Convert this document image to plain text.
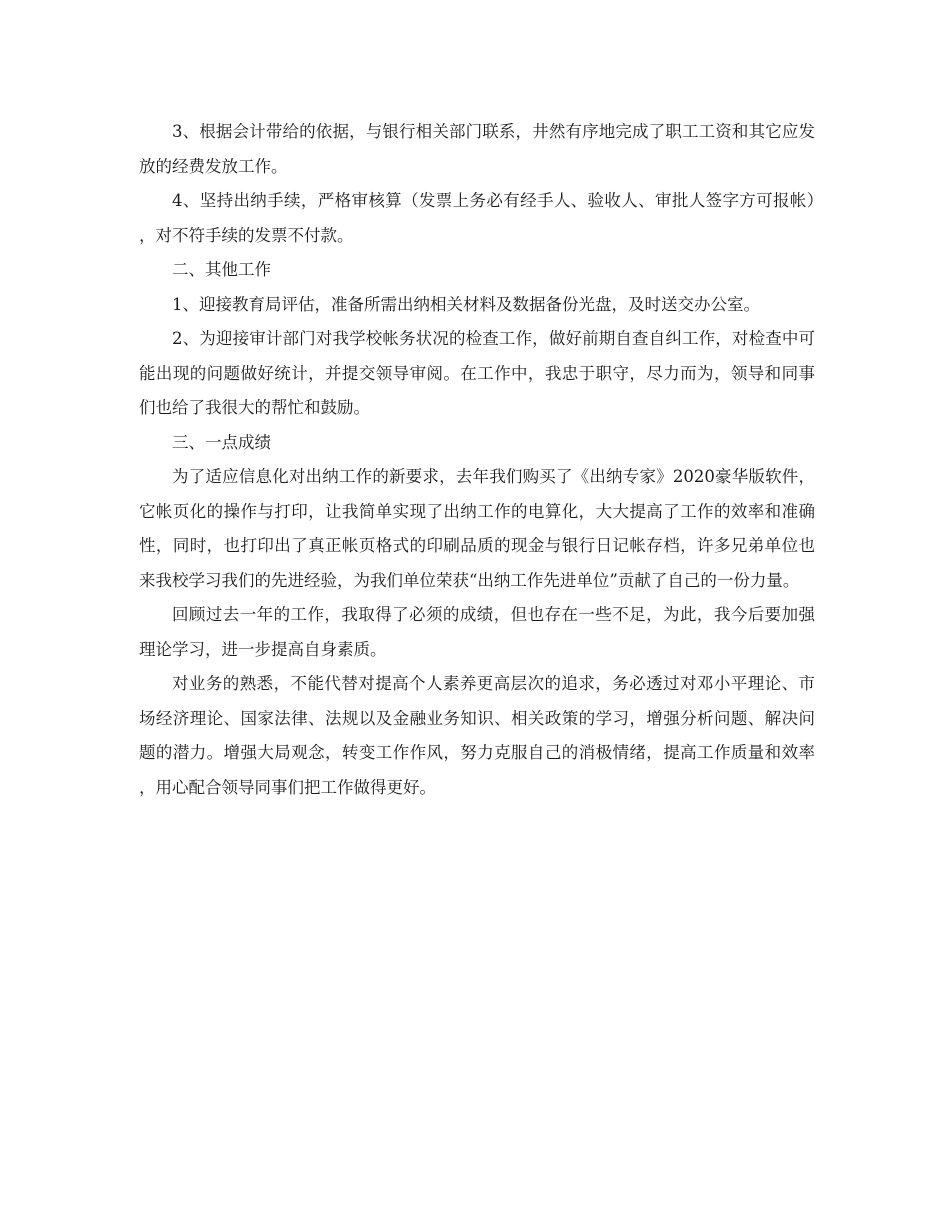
3、根据会计带给的依据，与银行相关部门联系，井然有序地完成了职工工资和其它应发放的经费发放工作。

4、坚持出纳手续，严格审核算（发票上务必有经手人、验收人、审批人签字方可报帐），对不符手续的发票不付款。

二、其他工作

1、迎接教育局评估，准备所需出纳相关材料及数据备份光盘，及时送交办公室。

2、为迎接审计部门对我学校帐务状况的检查工作，做好前期自查自纠工作，对检查中可能出现的问题做好统计，并提交领导审阅。在工作中，我忠于职守，尽力而为，领导和同事们也给了我很大的帮忙和鼓励。

三、一点成绩

为了适应信息化对出纳工作的新要求，去年我们购买了《出纳专家》2020豪华版软件，它帐页化的操作与打印，让我简单实现了出纳工作的电算化，大大提高了工作的效率和准确性，同时，也打印出了真正帐页格式的印刷品质的现金与银行日记帐存档，许多兄弟单位也来我校学习我们的先进经验，为我们单位荣获“出纳工作先进单位”贡献了自己的一份力量。

回顾过去一年的工作，我取得了必须的成绩，但也存在一些不足，为此，我今后要加强理论学习，进一步提高自身素质。

对业务的熟悉，不能代替对提高个人素养更高层次的追求，务必透过对邓小平理论、市场经济理论、国家法律、法规以及金融业务知识、相关政策的学习，增强分析问题、解决问题的潜力。增强大局观念，转变工作作风，努力克服自己的消极情绪，提高工作质量和效率，用心配合领导同事们把工作做得更好。
